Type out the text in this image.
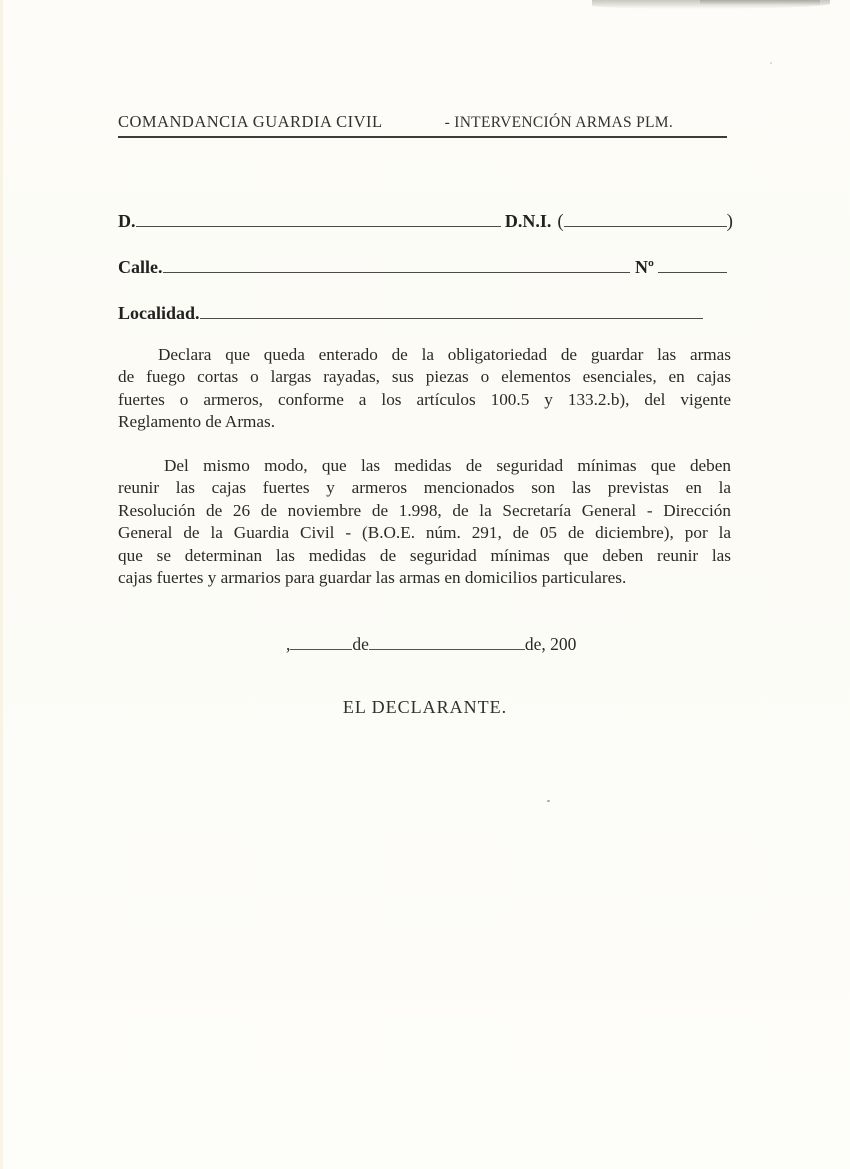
COMANDANCIA GUARDIA CIVIL	- INTERVENCIÓN ARMAS PLM.
D.	D.N.I. (	)
Calle.	Nº
Localidad.
Declara que queda enterado de la obligatoriedad de guardar las armas
de fuego cortas o largas rayadas, sus piezas o elementos esenciales, en cajas
fuertes o armeros, conforme a los artículos 100.5 y 133.2.b), del vigente
Reglamento de Armas.
Del mismo modo, que las medidas de seguridad mínimas que deben
reunir las cajas fuertes y armeros mencionados son las previstas en la
Resolución de 26 de noviembre de 1.998, de la Secretaría General - Dirección
General de la Guardia Civil - (B.O.E. núm. 291, de 05 de diciembre), por la
que se determinan las medidas de seguridad mínimas que deben reunir las
cajas fuertes y armarios para guardar las armas en domicilios particulares.
,	de	de, 200
EL DECLARANTE.
